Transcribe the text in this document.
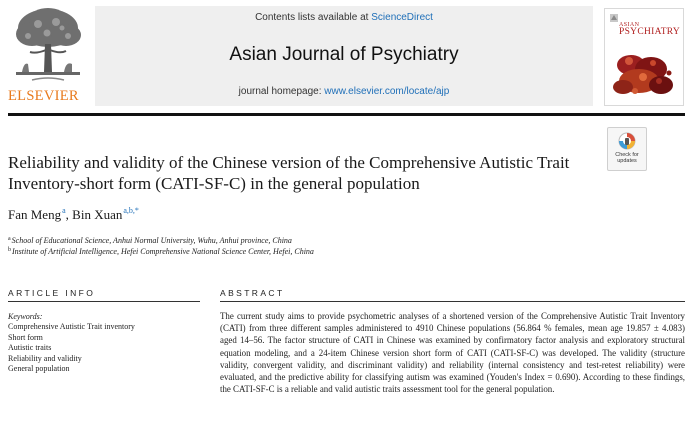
ELSEVIER
Contents lists available at ScienceDirect
Asian Journal of Psychiatry
journal homepage: www.elsevier.com/locate/ajp
ASIAN
PSYCHIATRY
Check for
updates
Reliability and validity of the Chinese version of the Comprehensive Autistic Trait Inventory-short form (CATI-SF-C) in the general population
Fan Meng$^a$, Bin Xuan$^{a,b,*}$
$^a$School of Educational Science, Anhui Normal University, Wuhu, Anhui province, China
$^b$Institute of Artificial Intelligence, Hefei Comprehensive National Science Center, Hefei, China
ARTICLE INFO
Keywords:
Comprehensive Autistic Trait inventory
Short form
Autistic traits
Reliability and validity
General population
ABSTRACT

The current study aims to provide psychometric analyses of a shortened version of the Comprehensive Autistic Trait Inventory (CATI) from three different samples administered to 4910 Chinese populations (56.864 % females, mean age 19.857 ± 4.083) aged 14–56. The factor structure of CATI in Chinese was examined by confirmatory factor analysis and exploratory structural equation modeling, and a 24-item Chinese version short form of CATI (CATI-SF-C) was developed. The validity (structure validity, convergent validity, and discriminant validity) and reliability (internal consistency and test-retest reliability) were evaluated, and the predictive ability for classifying autism was examined (Youden's Index = 0.690). According to these findings, the CATI-SF-C is a reliable and valid autistic traits assessment tool for the general population.
